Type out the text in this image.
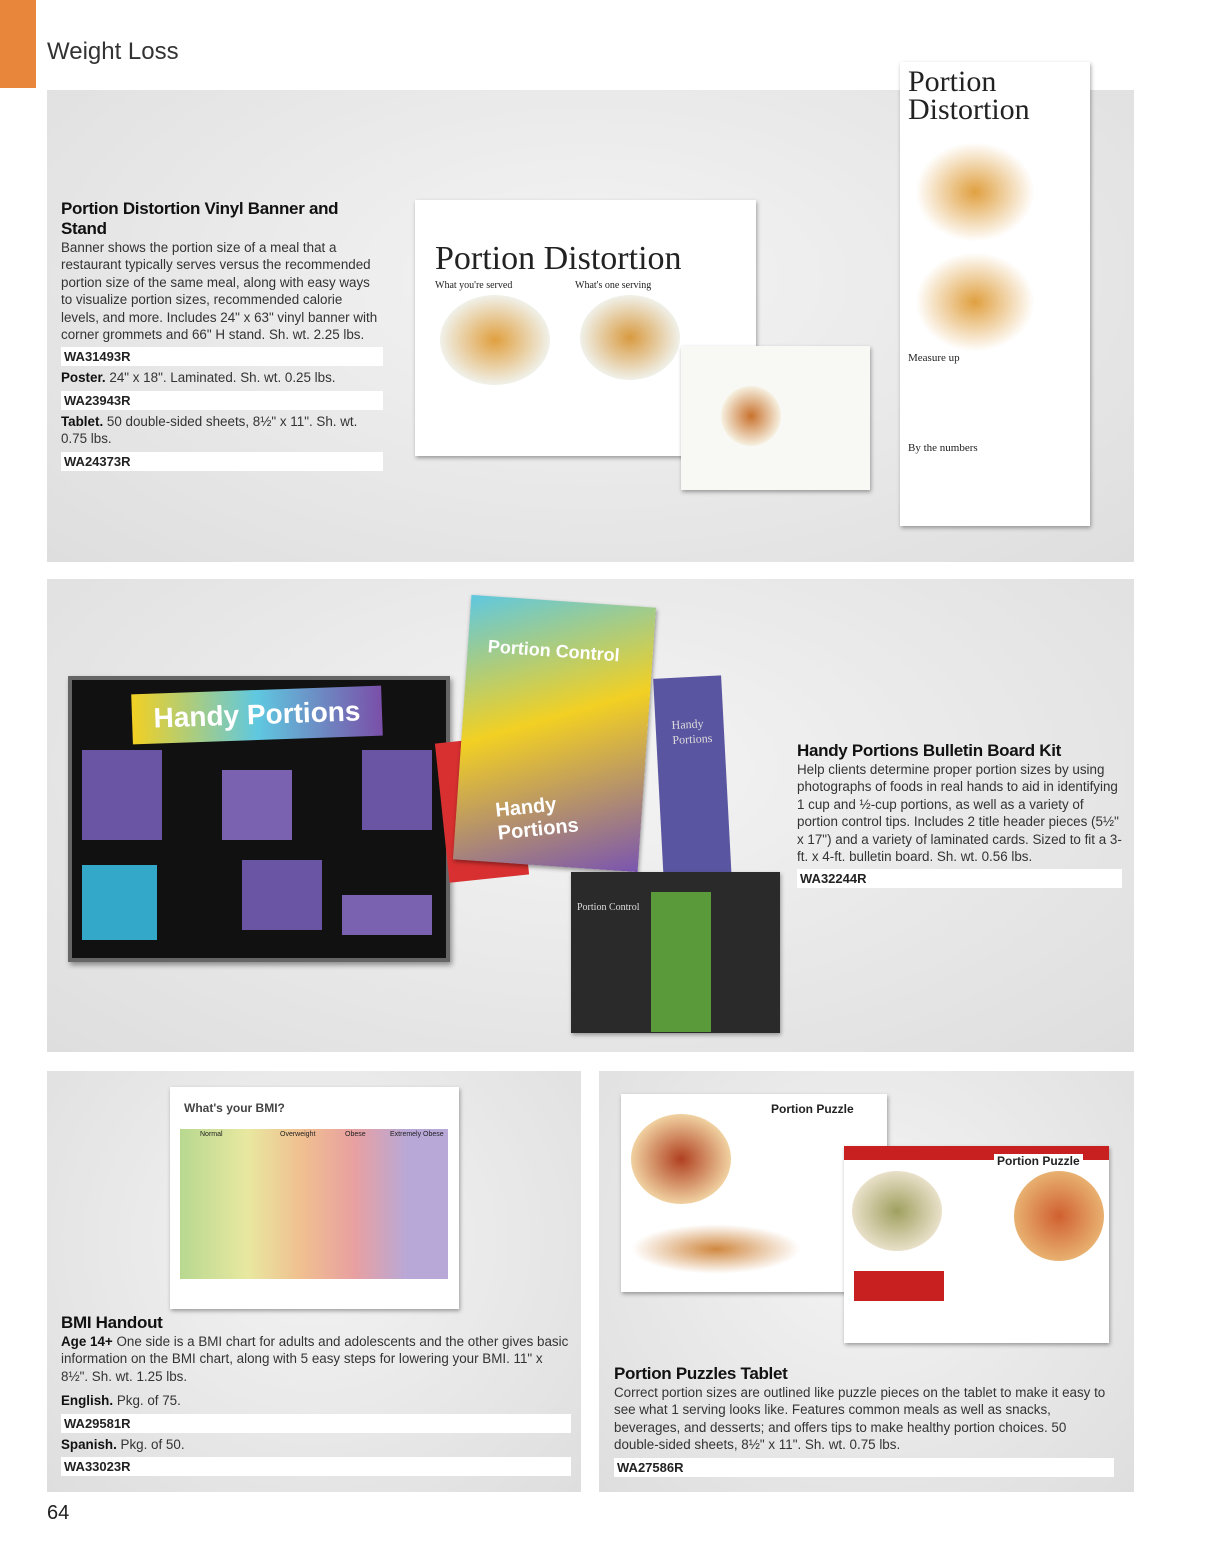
Weight Loss
Portion Distortion Vinyl Banner and Stand
Banner shows the portion size of a meal that a restaurant typically serves versus the recommended portion size of the same meal, along with easy ways to visualize portion sizes, recommended calorie levels, and more. Includes 24" x 63" vinyl banner with corner grommets and 66" H stand. Sh. wt. 2.25 lbs.
WA31493R
Poster. 24" x 18". Laminated. Sh. wt. 0.25 lbs.
WA23943R
Tablet. 50 double-sided sheets, 8½" x 11". Sh. wt. 0.75 lbs.
WA24373R
Portion Distortion
What you're served	What's one serving
Portion Distortion
Measure up
By the numbers
Handy Portions
Portion Control
Handy Portions
Handy Portions
Portion Control
Handy Portions Bulletin Board Kit
Help clients determine proper portion sizes by using photographs of foods in real hands to aid in identifying 1 cup and ½-cup portions, as well as a variety of portion control tips. Includes 2 title header pieces (5½" x 17") and a variety of laminated cards. Sized to fit a 3-ft. x 4-ft. bulletin board. Sh. wt. 0.56 lbs.
WA32244R
What's your BMI?
Normal	Overweight	Obese	Extremely Obese
BMI Handout
Age 14+ One side is a BMI chart for adults and adolescents and the other gives basic information on the BMI chart, along with 5 easy steps for lowering your BMI. 11" x 8½". Sh. wt. 1.25 lbs.
English. Pkg. of 75.
WA29581R
Spanish. Pkg. of 50.
WA33023R
Portion Puzzle
Portion Puzzle
Portion Puzzles Tablet
Correct portion sizes are outlined like puzzle pieces on the tablet to make it easy to see what 1 serving looks like. Features common meals as well as snacks, beverages, and desserts; and offers tips to make healthy portion choices. 50 double-sided sheets, 8½" x 11". Sh. wt. 0.75 lbs.
WA27586R
64
